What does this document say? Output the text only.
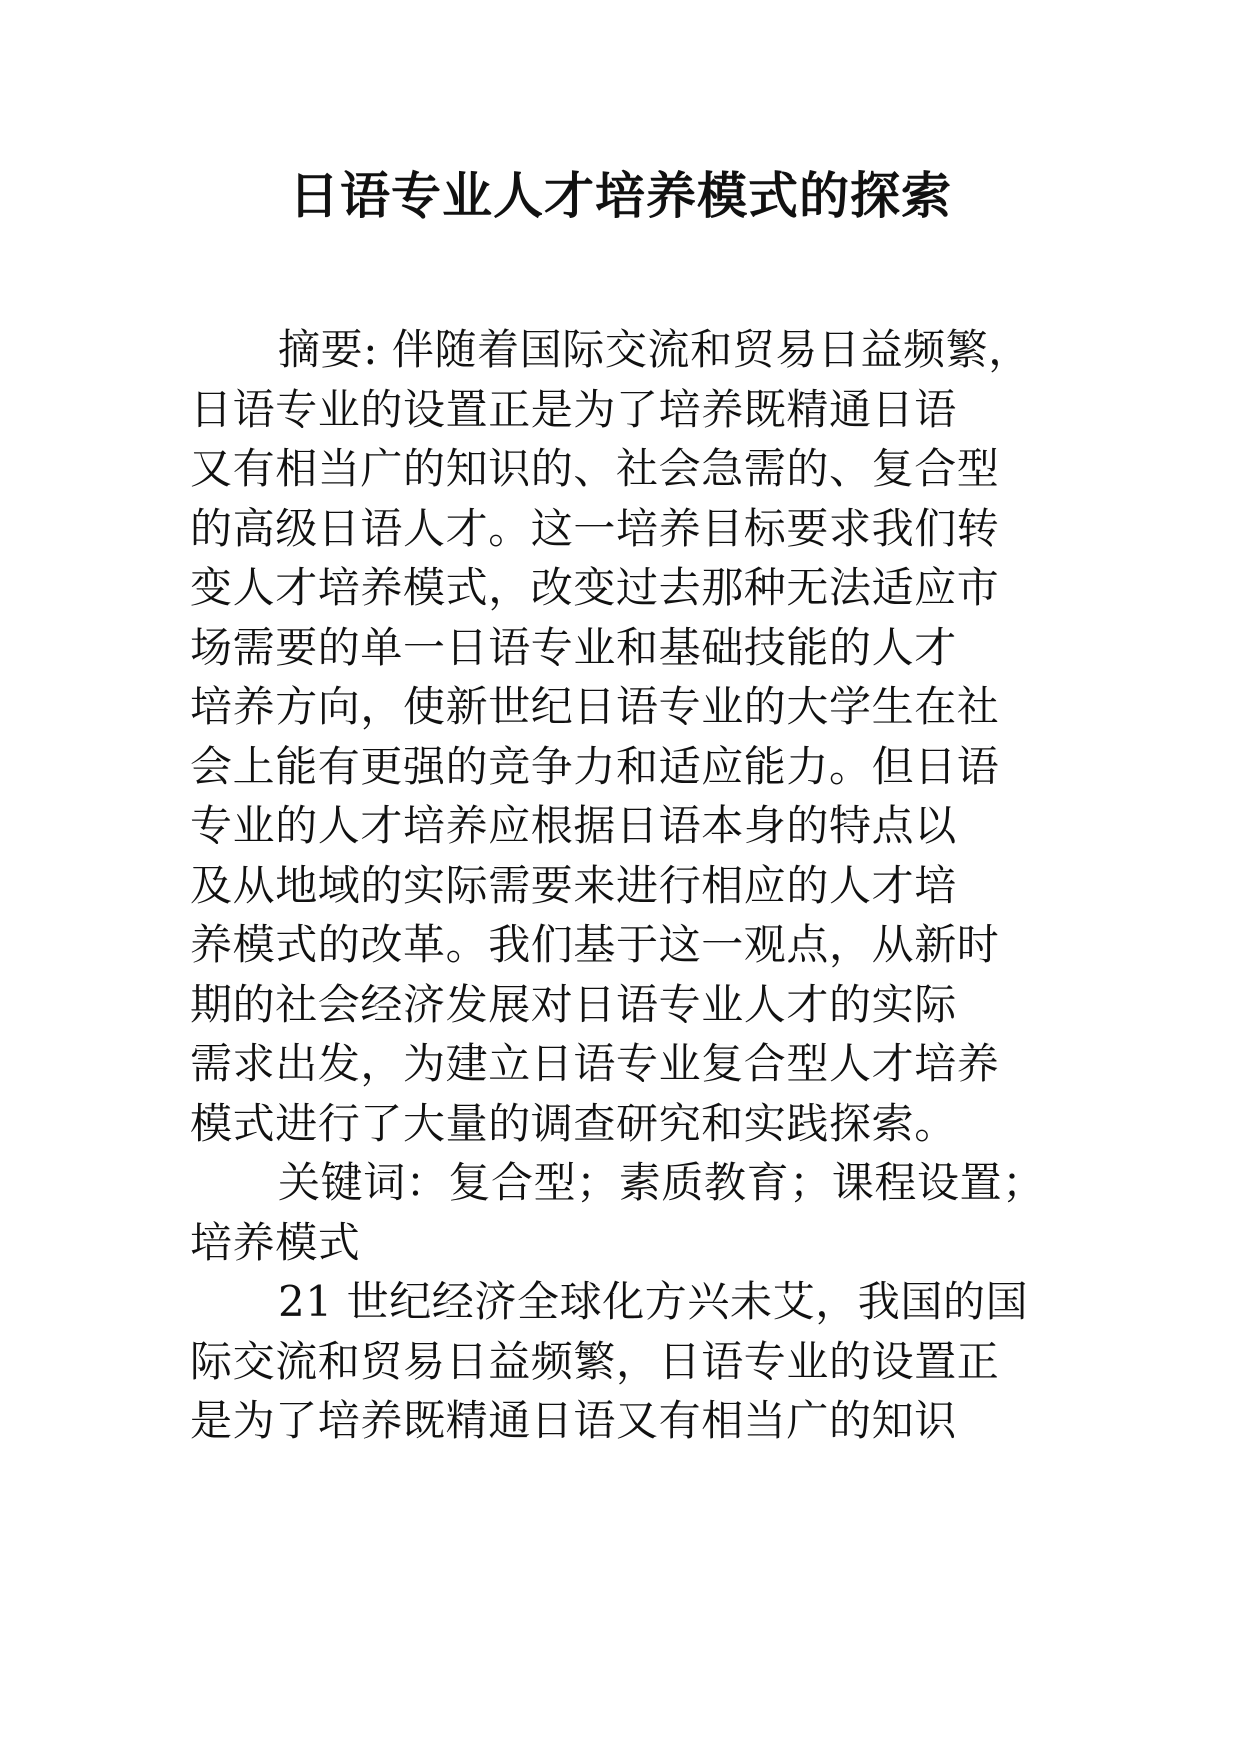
日语专业人才培养模式的探索
摘要: 伴随着国际交流和贸易日益频繁，
日语专业的设置正是为了培养既精通日语
又有相当广的知识的、社会急需的、复合型
的高级日语人才。这一培养目标要求我们转
变人才培养模式，改变过去那种无法适应市
场需要的单一日语专业和基础技能的人才
培养方向，使新世纪日语专业的大学生在社
会上能有更强的竞争力和适应能力。但日语
专业的人才培养应根据日语本身的特点以
及从地域的实际需要来进行相应的人才培
养模式的改革。我们基于这一观点，从新时
期的社会经济发展对日语专业人才的实际
需求出发，为建立日语专业复合型人才培养
模式进行了大量的调查研究和实践探索。
关键词：复合型；素质教育；课程设置；
培养模式
21 世纪经济全球化方兴未艾，我国的国
际交流和贸易日益频繁，日语专业的设置正
是为了培养既精通日语又有相当广的知识
